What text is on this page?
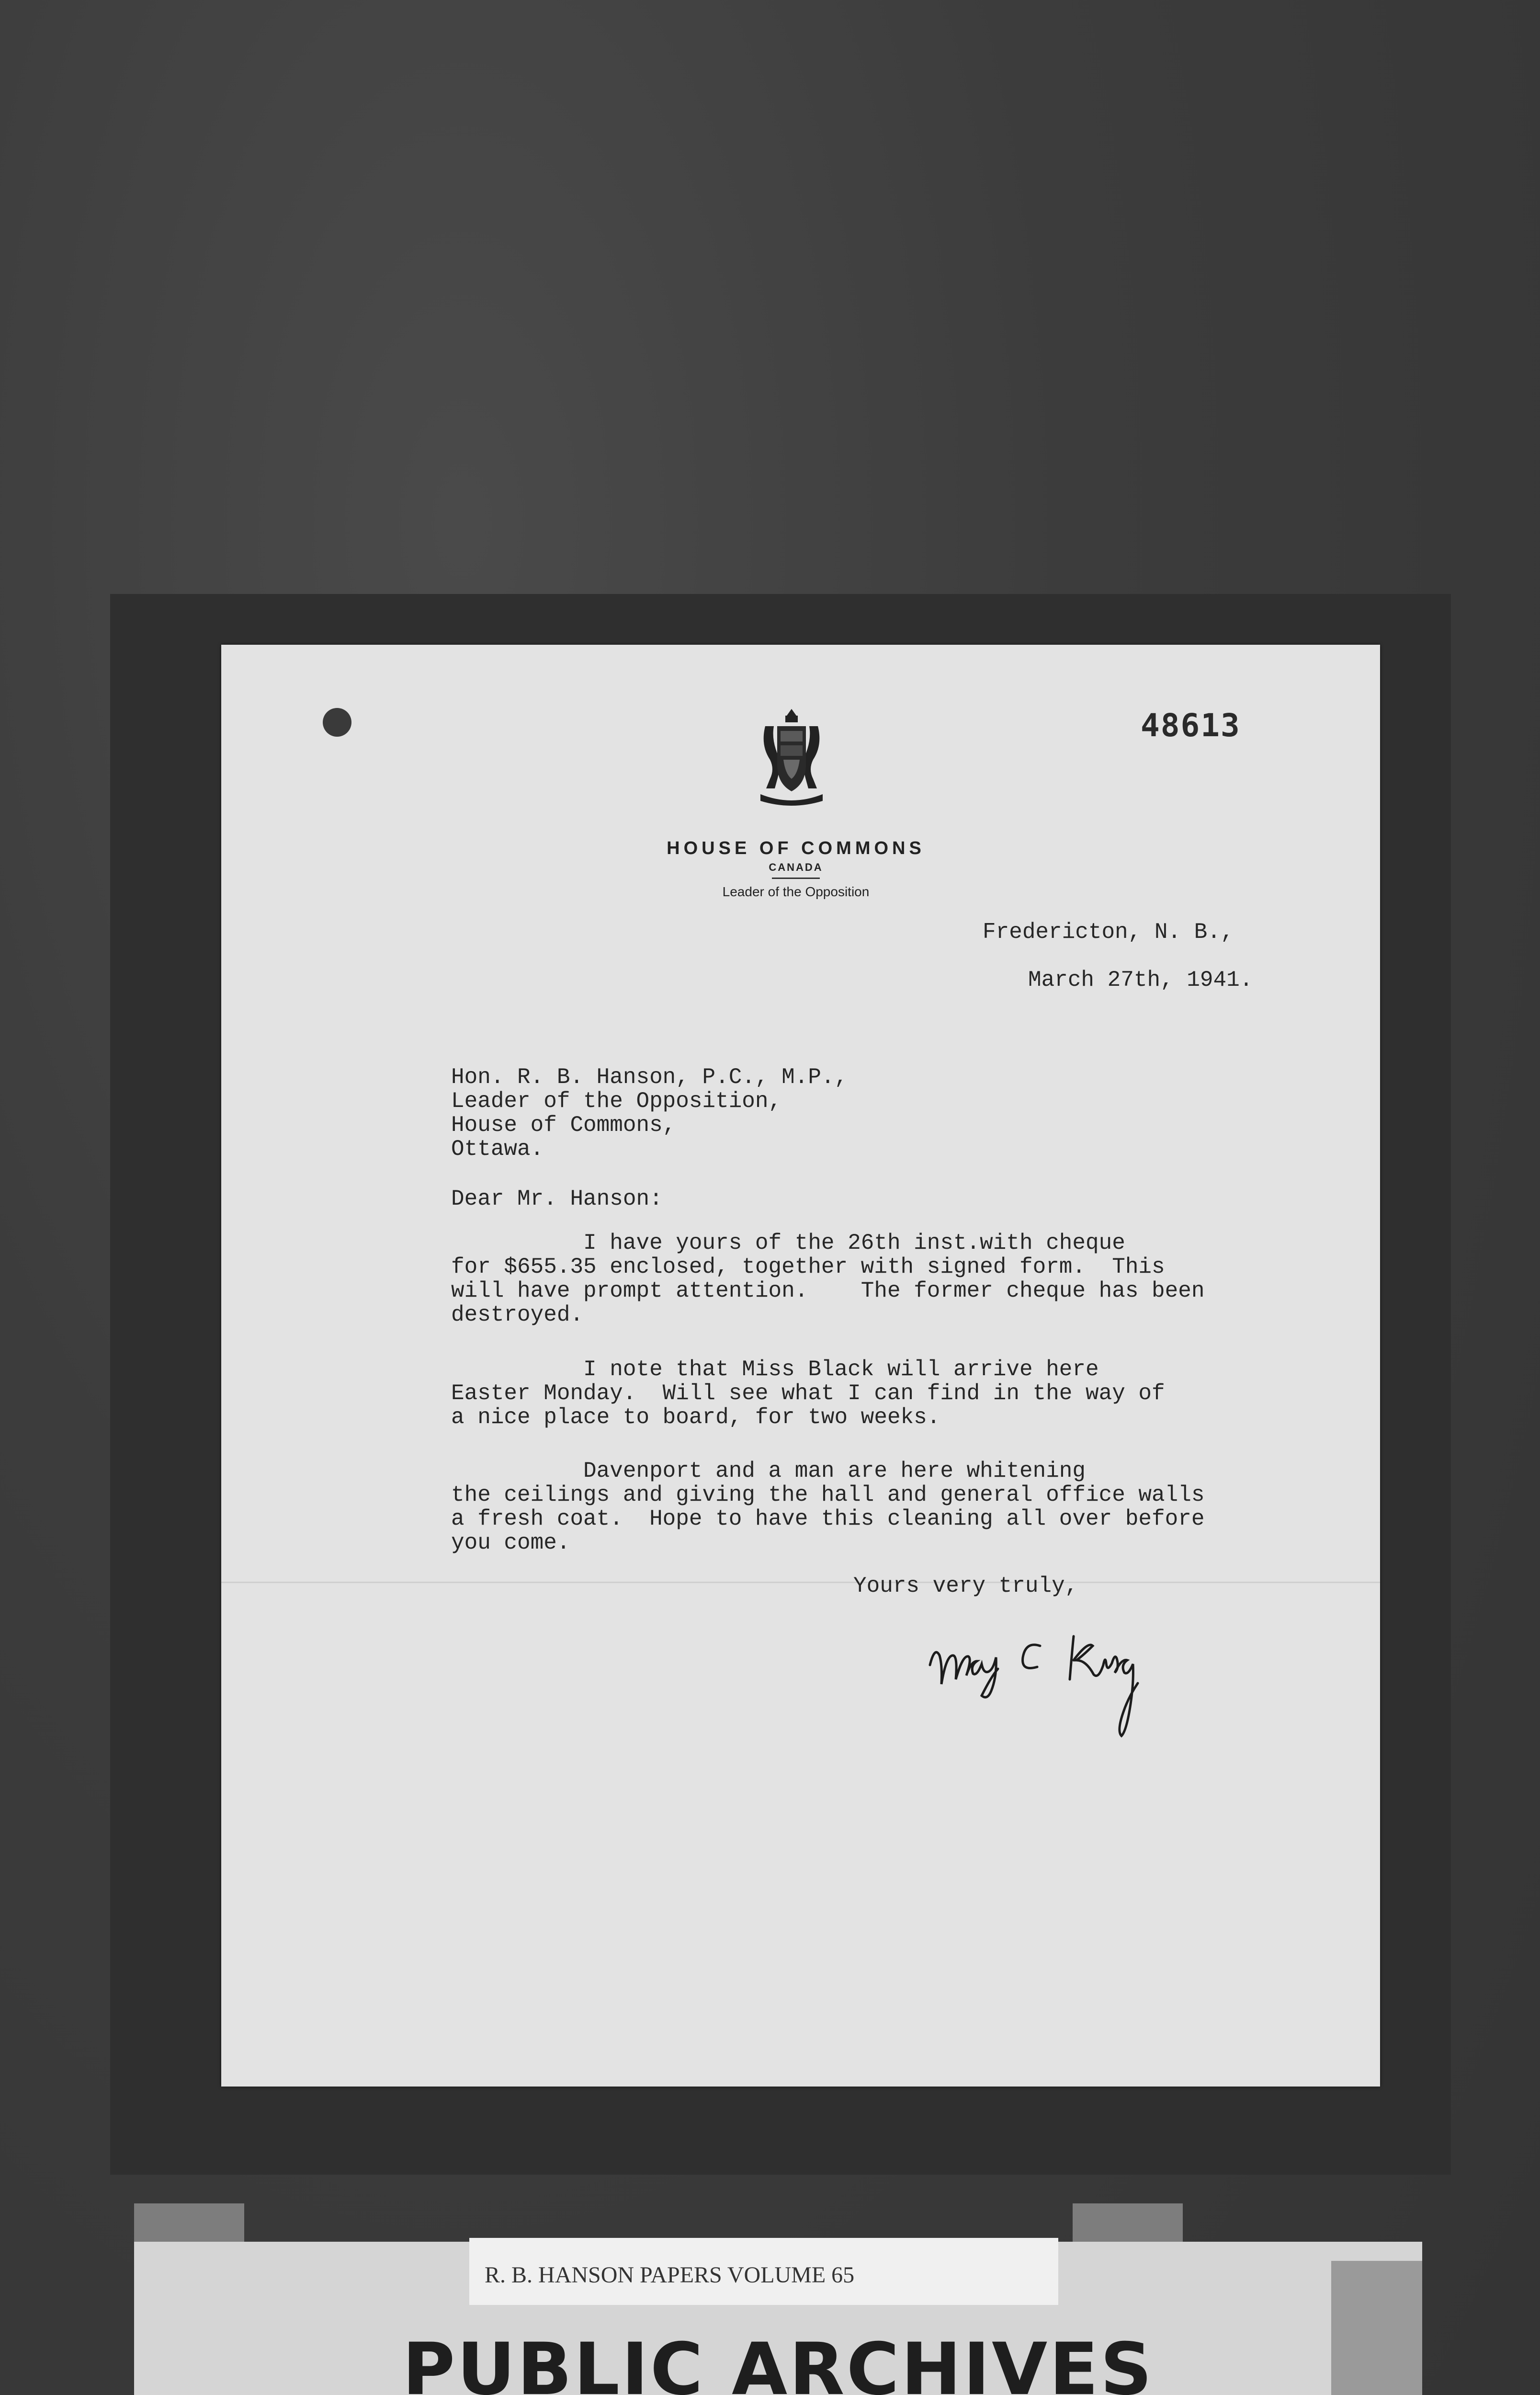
48613
HOUSE OF COMMONS
CANADA
Leader of the Opposition
Fredericton, N. B.,
March 27th, 1941.
Hon. R. B. Hanson, P.C., M.P.,
Leader of the Opposition,
House of Commons,
Ottawa.
Dear Mr. Hanson:
I have yours of the 26th inst.with cheque
for $655.35 enclosed, together with signed form.  This
will have prompt attention.    The former cheque has been
destroyed.
I note that Miss Black will arrive here
Easter Monday.  Will see what I can find in the way of
a nice place to board, for two weeks.
Davenport and a man are here whitening
the ceilings and giving the hall and general office walls
a fresh coat.  Hope to have this cleaning all over before
you come.
Yours very truly,
R. B. HANSON PAPERS VOLUME 65
PUBLIC ARCHIVES
